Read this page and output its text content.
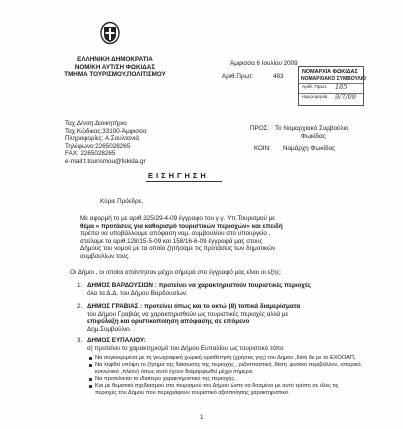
ΕΛΛΗΝΙΚΗ ΔΗΜΟΚΡΑΤΙΑ
ΝΟΜ/ΚΗ ΑΥΤ/ΣΗ ΦΩΚΙΔΑΣ
ΤΜΗΜΑ ΤΟΥΡΙΣΜΟΥ,ΠΟΛΙΤΙΣΜΟΥ
Άμφισσα 6 Ιουλίου 2009
Αριθ.Πρωτ:	483
ΝΟΜΑΡΧΙΑ ΦΩΚΙΔΑΣ
ΝΟΜΑΡΧΙΑΚΟ ΣΥΜΒΟΥΛΙΟ
Αριθ. Πρωτ. 185
Ημερομηνία 9/7/09
Ταχ.Δ/νση:Διοικητήριο
Ταχ.Κώδικας:33100-Άμφισσα
Πληροφορίες: Α.Σουλτανιά
Τηλέφωνο:2265028265
FAX: 2265028265
e-mail:t.tourismou@fokida.gr
ΠΡΟΣ: Το Νομαρχιακό Συμβούλιο
Φωκίδας
ΚΟΙΝ: Νομάρχη Φωκίδας
ΕΙΣΗΓΗΣΗ
Κύριε Πρόεδρε,
Με αφορμή το με αριθ.325/29-4-09 έγγραφο του γ.γ. Υπ.Τουρισμού με
θέμα « προτάσεις για καθορισμό τουριστικών περιοχών» και επειδή
πρέπει να υποβάλλουμε απόφαση νομ. συμβουλίου στο υπουργείο ,
στείλαμε τα αριθ.128/15-5-09 και 158/16-6-09 έγγραφά μας στους
Δήμους του νομού με τα οποία ζητήσαμε τις προτάσεις των δημοτικών
συμβουλίων τους.
Οι Δήμοι , οι οποίοι απάντησαν μέχρι σήμερα στο έγγραφό μας είναι οι εξής:
1. ΔΗΜΟΣ ΒΑΡΔΟΥΣΙΩΝ : προτείνει να χαρακτηριστούν τουριστικές περιοχές
όλα τα Δ.Δ. του Δήμου Βαρδουσίων.
2. ΔΗΜΟΣ ΓΡΑΒΙΑΣ : προτείνει όπως και το οκτώ (8) τοπικά διαμερίσματα
του Δήμου Γραβιάς να χαρακτηρισθούν ως τουριστικές περιοχές αλλά με
επιφύλαξη και οριστικοποίηση απόφασης σε επόμενο
Δημ.Συμβούλιο.
3. ΔΗΜΟΣ ΕΥΠΑΛΙΟΥ:
α) προτείνει το χαρακτηρισμό του Δήμου Ευπαλίου ως τουριστικό τόπο
Να συγκεκριμένα με τη γεωγραφική χωρική οριοθέτηση (χρήσεις γης) του Δήμου ,διότι δε με το ΕΧΟΟΑΠ,
Να ληφθεί υπόψη το ζήτημα της διάσωσης της περιοχής , ριζοσπαστική ,θέση ,φυσικό περιβάλλον, ιστορικό,
κοινωνικό ,πλέον) όπως αυτό έχουν διαμορφωθεί μέχρι σήμερα.
Να προτείνεται το ιδιαίτερο χαρακτηριστικό της περιοχής.
Και με θεματικό σχεδιασμού στο τουρισμού του Δήμου ώστε να δοσμένο με αυτό τρόπο σε όλες τις
περιοχές του Δήμου που περιγράφουν τουριστικό αξιοποίησης χαρακτηριστικό.
1
